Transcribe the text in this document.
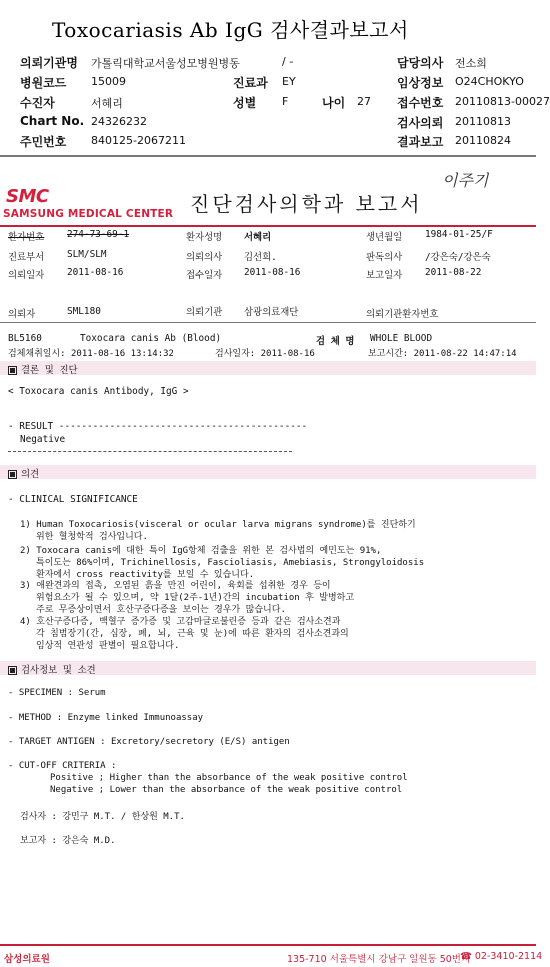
Toxocariasis Ab IgG 검사결과보고서
의뢰기관명 가톨릭대학교서울성모병원병동	/ -	담당의사 전소희
병원코드 15009	진료과 EY	임상정보 O24CHOKYO
수진자	서혜리	성별 F	나이 27 접수번호 20110813-00027
Chart No. 24326232	검사의뢰 20110813
주민번호 840125-2067211	결과보고 20110824
SMC
SAMSUNG MEDICAL CENTER 진단검사의학과 보고서
이주기
환자번호 274-73-69-1	환자성명 서혜리	생년월일 1984-01-25/F
진료부서 SLM/SLM	의뢰의사 김선희.	판독의사 /강은숙/강은숙
의뢰일자 2011-08-16	접수일자 2011-08-16	보고일자 2011-08-22
의뢰자	SML180	의뢰기관 삼광의료재단	의뢰기관환자번호
BL5160	Toxocara canis Ab (Blood)	검 체 명 WHOLE BLOOD
검체채취일시: 2011-08-16 13:14:32	검사일자: 2011-08-16	보고시간: 2011-08-22 14:47:14
결론 및 진단
< Toxocara canis Antibody, IgG >
- RESULT --------------------------------------------
Negative
의견
- CLINICAL SIGNIFICANCE
1) Human Toxocariosis(visceral or ocular larva migrans syndrome)를 진단하기
위한 혈청학적 검사입니다.
2) Toxocara canis에 대한 특이 IgG항체 검출을 위한 본 검사법의 예민도는 91%,
특이도는 86%이며, Trichinellosis, Fascioliasis, Amebiasis, Strongyloidosis
환자에서 cross reactivity를 보일 수 있습니다.
3) 애완견과의 접촉, 오염된 흙을 만진 어린이, 육회를 섭취한 경우 등이
위험요소가 될 수 있으며, 약 1달(2주-1년)간의 incubation 후 발병하고
주로 무증상이면서 호산구증다증을 보이는 경우가 많습니다.
4) 호산구증다증, 백혈구 증가증 및 고감마글로불린증 등과 같은 검사소견과
각 침범장기(간, 심장, 폐, 뇌, 근육 및 눈)에 따른 환자의 검사소견과의
임상적 연관성 판별이 필요합니다.
검사정보 및 소견
- SPECIMEN : Serum
- METHOD : Enzyme linked Immunoassay
- TARGET ANTIGEN : Excretory/secretory (E/S) antigen
- CUT-OFF CRITERIA :
Positive ; Higher than the absorbance of the weak positive control
Negative ; Lower than the absorbance of the weak positive control
검사자 : 강민구 M.T. / 한상원 M.T.
보고자 : 강은숙 M.D.
삼성의료원	135-710 서울특별시 강남구 일원동 50번지
☎ 02-3410-2114
